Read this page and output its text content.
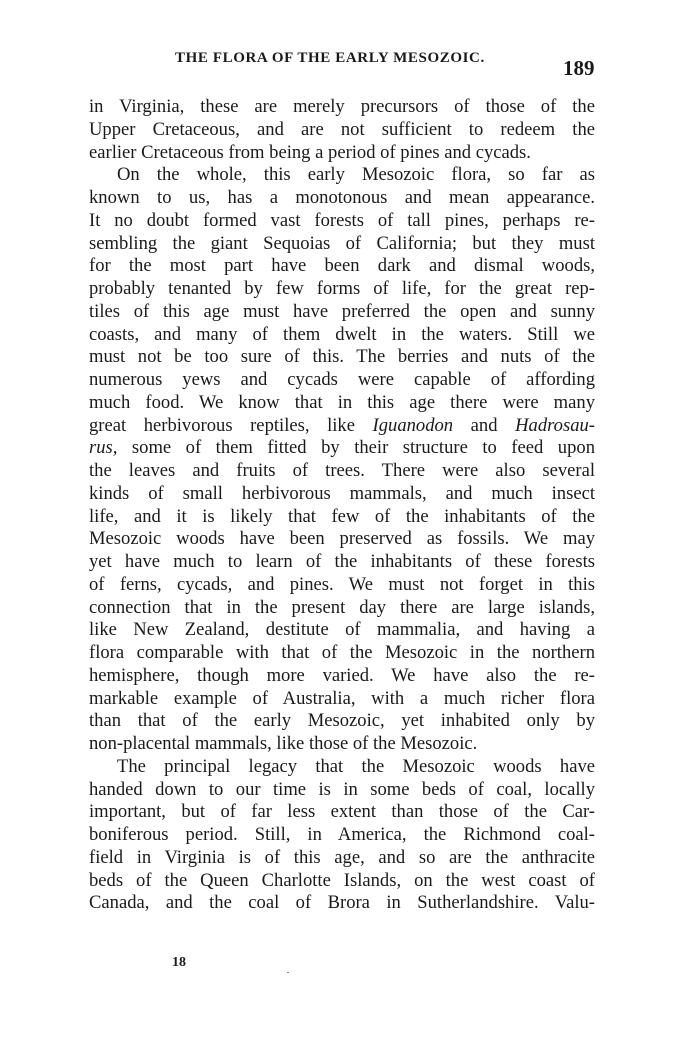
THE FLORA OF THE EARLY MESOZOIC.	189
in Virginia, these are merely precursors of those of the
Upper Cretaceous, and are not sufficient to redeem the
earlier Cretaceous from being a period of pines and cycads.
On the whole, this early Mesozoic flora, so far as
known to us, has a monotonous and mean appearance.
It no doubt formed vast forests of tall pines, perhaps re-
sembling the giant Sequoias of California; but they must
for the most part have been dark and dismal woods,
probably tenanted by few forms of life, for the great rep-
tiles of this age must have preferred the open and sunny
coasts, and many of them dwelt in the waters. Still we
must not be too sure of this. The berries and nuts of the
numerous yews and cycads were capable of affording
much food. We know that in this age there were many
great herbivorous reptiles, like Iguanodon and Hadrosau-
rus, some of them fitted by their structure to feed upon
the leaves and fruits of trees. There were also several
kinds of small herbivorous mammals, and much insect
life, and it is likely that few of the inhabitants of the
Mesozoic woods have been preserved as fossils. We may
yet have much to learn of the inhabitants of these forests
of ferns, cycads, and pines. We must not forget in this
connection that in the present day there are large islands,
like New Zealand, destitute of mammalia, and having a
flora comparable with that of the Mesozoic in the northern
hemisphere, though more varied. We have also the re-
markable example of Australia, with a much richer flora
than that of the early Mesozoic, yet inhabited only by
non-placental mammals, like those of the Mesozoic.
The principal legacy that the Mesozoic woods have
handed down to our time is in some beds of coal, locally
important, but of far less extent than those of the Car-
boniferous period. Still, in America, the Richmond coal-
field in Virginia is of this age, and so are the anthracite
beds of the Queen Charlotte Islands, on the west coast of
Canada, and the coal of Brora in Sutherlandshire. Valu-
18
